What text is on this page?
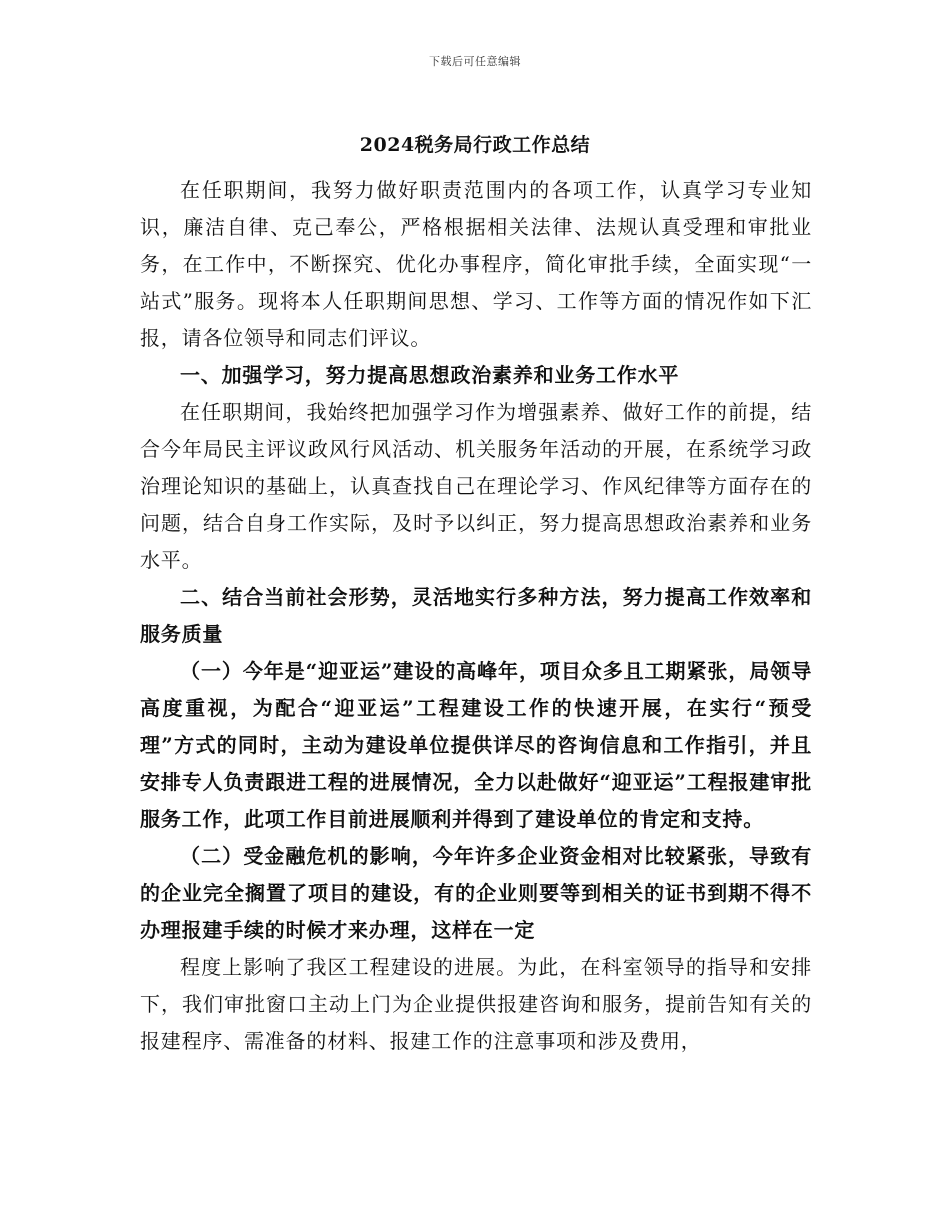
下载后可任意编辑
2024税务局行政工作总结

在任职期间，我努力做好职责范围内的各项工作，认真学习专业知识，廉洁自律、克己奉公，严格根据相关法律、法规认真受理和审批业务，在工作中，不断探究、优化办事程序，简化审批手续，全面实现“一站式”服务。现将本人任职期间思想、学习、工作等方面的情况作如下汇报，请各位领导和同志们评议。

一、加强学习，努力提高思想政治素养和业务工作水平

在任职期间，我始终把加强学习作为增强素养、做好工作的前提，结合今年局民主评议政风行风活动、机关服务年活动的开展，在系统学习政治理论知识的基础上，认真查找自己在理论学习、作风纪律等方面存在的问题，结合自身工作实际，及时予以纠正，努力提高思想政治素养和业务水平。

二、结合当前社会形势，灵活地实行多种方法，努力提高工作效率和服务质量

（一）今年是“迎亚运”建设的高峰年，项目众多且工期紧张，局领导高度重视，为配合“迎亚运”工程建设工作的快速开展，在实行“预受理”方式的同时，主动为建设单位提供详尽的咨询信息和工作指引，并且安排专人负责跟进工程的进展情况，全力以赴做好“迎亚运”工程报建审批服务工作，此项工作目前进展顺利并得到了建设单位的肯定和支持。

（二）受金融危机的影响，今年许多企业资金相对比较紧张，导致有的企业完全搁置了项目的建设，有的企业则要等到相关的证书到期不得不办理报建手续的时候才来办理，这样在一定

程度上影响了我区工程建设的进展。为此，在科室领导的指导和安排下，我们审批窗口主动上门为企业提供报建咨询和服务，提前告知有关的报建程序、需准备的材料、报建工作的注意事项和涉及费用，
